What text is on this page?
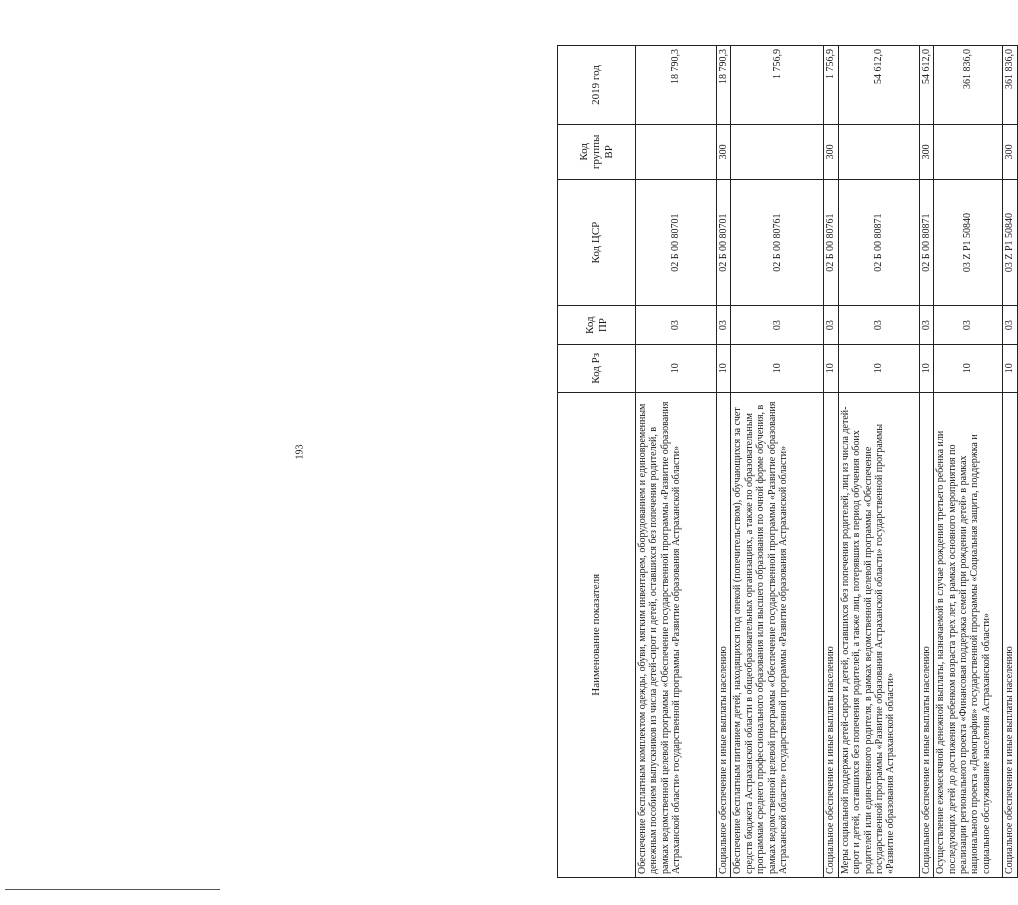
193
Наименование показателя	Код Рз	Код ПР	Код ЦСР	Код группы ВР	2019 год
Обеспечение бесплатным комплектом одежды, обуви, мягким инвентарем, оборудованием и единовременным денежным пособием выпускников из числа детей-сирот и детей, оставшихся без попечения родителей, в рамках ведомственной целевой программы «Обеспечение государственной программы «Развитие образования Астраханской области» государственной программы «Развитие образования Астраханской области»	10	03	02 Б 00 80701		18 790,3
Социальное обеспечение и иные выплаты населению	10	03	02 Б 00 80701	300	18 790,3
Обеспечение бесплатным питанием детей, находящихся под опекой (попечительством), обучающихся за счет средств бюджета Астраханской области в общеобразовательных организациях, а также по образовательным программам среднего профессионального образования или высшего образования по очной форме обучения, в рамках ведомственной целевой программы «Обеспечение государственной программы «Развитие образования Астраханской области» государственной программы «Развитие образования Астраханской области»	10	03	02 Б 00 80761		1 756,9
Социальное обеспечение и иные выплаты населению	10	03	02 Б 00 80761	300	1 756,9
Меры социальной поддержки детей-сирот и детей, оставшихся без попечения родителей, лиц из числа детей-сирот и детей, оставшихся без попечения родителей, а также лиц, потерявших в период обучения обоих родителей или единственного родителя, в рамках ведомственной целевой программы «Обеспечение государственной программы «Развитие образования Астраханской области» государственной программы «Развитие образования Астраханской области»	10	03	02 Б 00 80871		54 612,0
Социальное обеспечение и иные выплаты населению	10	03	02 Б 00 80871	300	54 612,0
Осуществление ежемесячной денежной выплаты, назначаемой в случае рождения третьего ребенка или последующих детей до достижения ребенком возраста трех лет, в рамках основного мероприятия по реализации регионального проекта «Финансовая поддержка семей при рождении детей» в рамках национального проекта «Демография» государственной программы «Социальная защита, поддержка и социальное обслуживание населения Астраханской области»	10	03	03 Z P1 50840		361 836,0
Социальное обеспечение и иные выплаты населению	10	03	03 Z P1 50840	300	361 836,0
